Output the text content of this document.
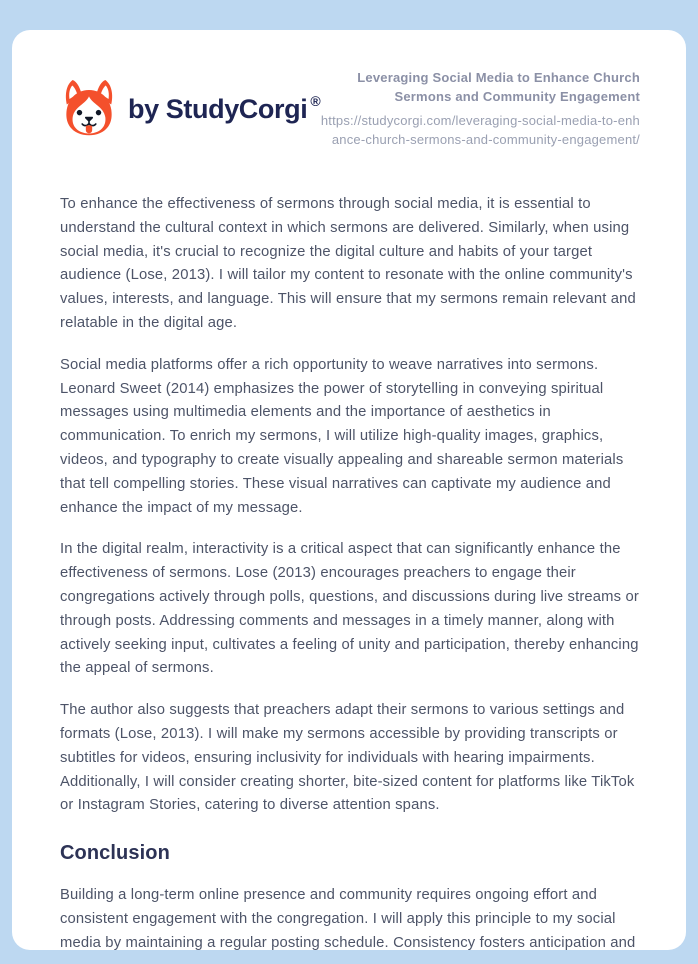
by StudyCorgi ®
Leveraging Social Media to Enhance Church Sermons and Community Engagement
https://studycorgi.com/leveraging-social-media-to-enhance-church-sermons-and-community-engagement/

To enhance the effectiveness of sermons through social media, it is essential to understand the cultural context in which sermons are delivered. Similarly, when using social media, it's crucial to recognize the digital culture and habits of your target audience (Lose, 2013). I will tailor my content to resonate with the online community's values, interests, and language. This will ensure that my sermons remain relevant and relatable in the digital age.

Social media platforms offer a rich opportunity to weave narratives into sermons. Leonard Sweet (2014) emphasizes the power of storytelling in conveying spiritual messages using multimedia elements and the importance of aesthetics in communication. To enrich my sermons, I will utilize high-quality images, graphics, videos, and typography to create visually appealing and shareable sermon materials that tell compelling stories. These visual narratives can captivate my audience and enhance the impact of my message.

In the digital realm, interactivity is a critical aspect that can significantly enhance the effectiveness of sermons. Lose (2013) encourages preachers to engage their congregations actively through polls, questions, and discussions during live streams or through posts. Addressing comments and messages in a timely manner, along with actively seeking input, cultivates a feeling of unity and participation, thereby enhancing the appeal of sermons.

The author also suggests that preachers adapt their sermons to various settings and formats (Lose, 2013). I will make my sermons accessible by providing transcripts or subtitles for videos, ensuring inclusivity for individuals with hearing impairments. Additionally, I will consider creating shorter, bite-sized content for platforms like TikTok or Instagram Stories, catering to diverse attention spans.

Conclusion

Building a long-term online presence and community requires ongoing effort and consistent engagement with the congregation. I will apply this principle to my social media by maintaining a regular posting schedule. Consistency fosters anticipation and
